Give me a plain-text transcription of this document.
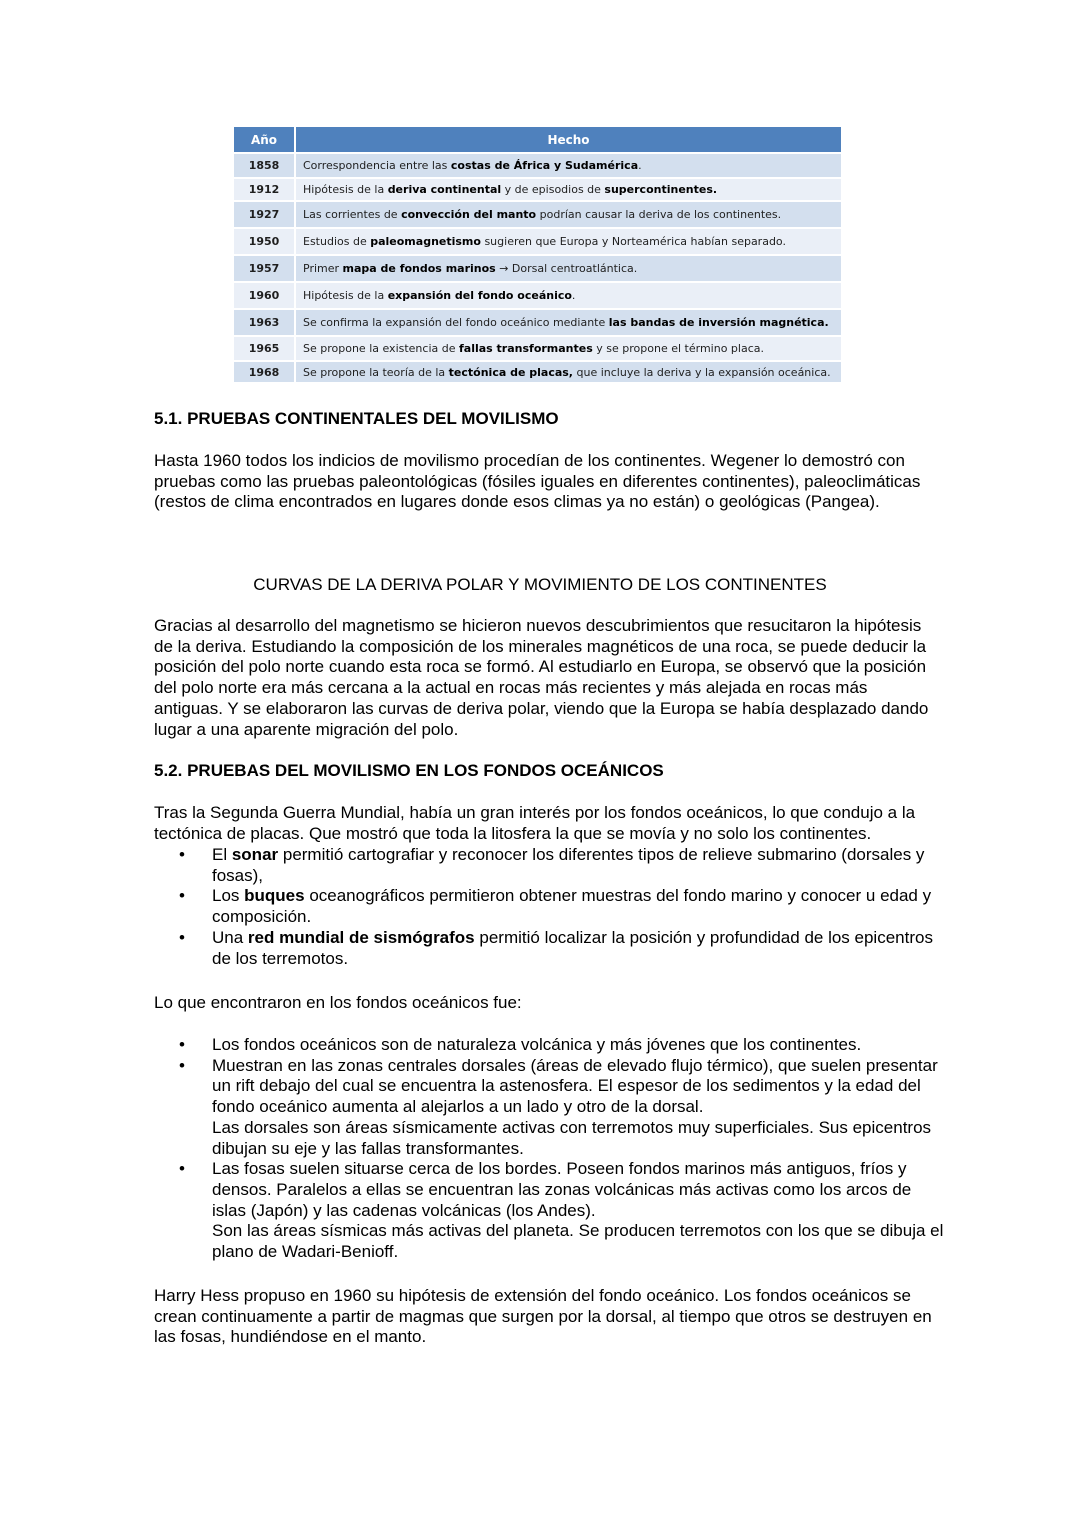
Año	Hecho
1858	Correspondencia entre las costas de África y Sudamérica.
1912	Hipótesis de la deriva continental y de episodios de supercontinentes.
1927	Las corrientes de convección del manto podrían causar la deriva de los continentes.
1950	Estudios de paleomagnetismo sugieren que Europa y Norteamérica habían separado.
1957	Primer mapa de fondos marinos → Dorsal centroatlántica.
1960	Hipótesis de la expansión del fondo oceánico.
1963	Se confirma la expansión del fondo oceánico mediante las bandas de inversión magnética.
1965	Se propone la existencia de fallas transformantes y se propone el término placa.
1968	Se propone la teoría de la tectónica de placas, que incluye la deriva y la expansión oceánica.
5.1. PRUEBAS CONTINENTALES DEL MOVILISMO
Hasta 1960 todos los indicios de movilismo procedían de los continentes. Wegener lo demostró con pruebas como las pruebas paleontológicas (fósiles iguales en diferentes continentes), paleoclimáticas (restos de clima encontrados en lugares donde esos climas ya no están) o geológicas (Pangea).
CURVAS DE LA DERIVA POLAR Y MOVIMIENTO DE LOS CONTINENTES
Gracias al desarrollo del magnetismo se hicieron nuevos descubrimientos que resucitaron la hipótesis de la deriva. Estudiando la composición de los minerales magnéticos de una roca, se puede deducir la posición del polo norte cuando esta roca se formó. Al estudiarlo en Europa, se observó que la posición del polo norte era más cercana a la actual en rocas más recientes y más alejada en rocas más antiguas. Y se elaboraron las curvas de deriva polar, viendo que la Europa se había desplazado dando lugar a una aparente migración del polo.
5.2. PRUEBAS DEL MOVILISMO EN LOS FONDOS OCEÁNICOS
Tras la Segunda Guerra Mundial, había un gran interés por los fondos oceánicos, lo que condujo a la tectónica de placas. Que mostró que toda la litosfera la que se movía y no solo los continentes.
• El sonar permitió cartografiar y reconocer los diferentes tipos de relieve submarino (dorsales y fosas),
• Los buques oceanográficos permitieron obtener muestras del fondo marino y conocer u edad y composición.
• Una red mundial de sismógrafos permitió localizar la posición y profundidad de los epicentros de los terremotos.
Lo que encontraron en los fondos oceánicos fue:
• Los fondos oceánicos son de naturaleza volcánica y más jóvenes que los continentes.
• Muestran en las zonas centrales dorsales (áreas de elevado flujo térmico), que suelen presentar un rift debajo del cual se encuentra la astenosfera. El espesor de los sedimentos y la edad del fondo oceánico aumenta al alejarlos a un lado y otro de la dorsal.
Las dorsales son áreas sísmicamente activas con terremotos muy superficiales. Sus epicentros dibujan su eje y las fallas transformantes.
• Las fosas suelen situarse cerca de los bordes. Poseen fondos marinos más antiguos, fríos y densos. Paralelos a ellas se encuentran las zonas volcánicas más activas como los arcos de islas (Japón) y las cadenas volcánicas (los Andes).
Son las áreas sísmicas más activas del planeta. Se producen terremotos con los que se dibuja el plano de Wadari-Benioff.
Harry Hess propuso en 1960 su hipótesis de extensión del fondo oceánico. Los fondos oceánicos se crean continuamente a partir de magmas que surgen por la dorsal, al tiempo que otros se destruyen en las fosas, hundiéndose en el manto.
